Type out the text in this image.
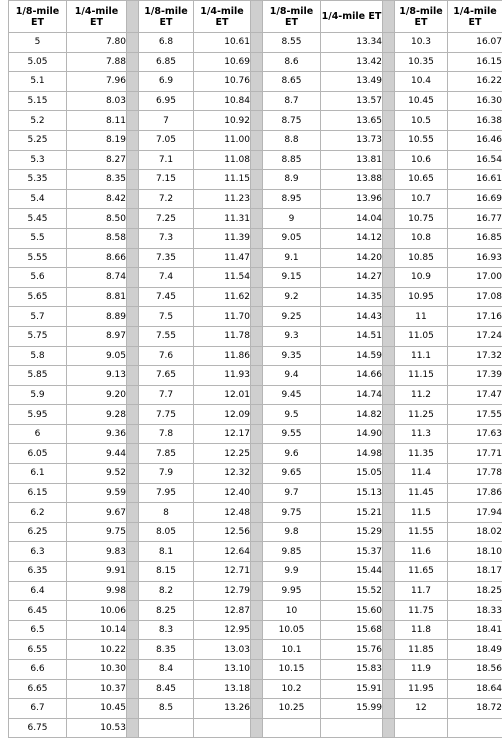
1/8-mile ET	1/4-mile ET		1/8-mile ET	1/4-mile ET		1/8-mile ET	1/4-mile ET		1/8-mile ET	1/4-mile ET
5	7.80		6.8	10.61		8.55	13.34		10.3	16.07
5.05	7.88		6.85	10.69		8.6	13.42		10.35	16.15
5.1	7.96		6.9	10.76		8.65	13.49		10.4	16.22
5.15	8.03		6.95	10.84		8.7	13.57		10.45	16.30
5.2	8.11		7	10.92		8.75	13.65		10.5	16.38
5.25	8.19		7.05	11.00		8.8	13.73		10.55	16.46
5.3	8.27		7.1	11.08		8.85	13.81		10.6	16.54
5.35	8.35		7.15	11.15		8.9	13.88		10.65	16.61
5.4	8.42		7.2	11.23		8.95	13.96		10.7	16.69
5.45	8.50		7.25	11.31		9	14.04		10.75	16.77
5.5	8.58		7.3	11.39		9.05	14.12		10.8	16.85
5.55	8.66		7.35	11.47		9.1	14.20		10.85	16.93
5.6	8.74		7.4	11.54		9.15	14.27		10.9	17.00
5.65	8.81		7.45	11.62		9.2	14.35		10.95	17.08
5.7	8.89		7.5	11.70		9.25	14.43		11	17.16
5.75	8.97		7.55	11.78		9.3	14.51		11.05	17.24
5.8	9.05		7.6	11.86		9.35	14.59		11.1	17.32
5.85	9.13		7.65	11.93		9.4	14.66		11.15	17.39
5.9	9.20		7.7	12.01		9.45	14.74		11.2	17.47
5.95	9.28		7.75	12.09		9.5	14.82		11.25	17.55
6	9.36		7.8	12.17		9.55	14.90		11.3	17.63
6.05	9.44		7.85	12.25		9.6	14.98		11.35	17.71
6.1	9.52		7.9	12.32		9.65	15.05		11.4	17.78
6.15	9.59		7.95	12.40		9.7	15.13		11.45	17.86
6.2	9.67		8	12.48		9.75	15.21		11.5	17.94
6.25	9.75		8.05	12.56		9.8	15.29		11.55	18.02
6.3	9.83		8.1	12.64		9.85	15.37		11.6	18.10
6.35	9.91		8.15	12.71		9.9	15.44		11.65	18.17
6.4	9.98		8.2	12.79		9.95	15.52		11.7	18.25
6.45	10.06		8.25	12.87		10	15.60		11.75	18.33
6.5	10.14		8.3	12.95		10.05	15.68		11.8	18.41
6.55	10.22		8.35	13.03		10.1	15.76		11.85	18.49
6.6	10.30		8.4	13.10		10.15	15.83		11.9	18.56
6.65	10.37		8.45	13.18		10.2	15.91		11.95	18.64
6.7	10.45		8.5	13.26		10.25	15.99		12	18.72
6.75	10.53									
